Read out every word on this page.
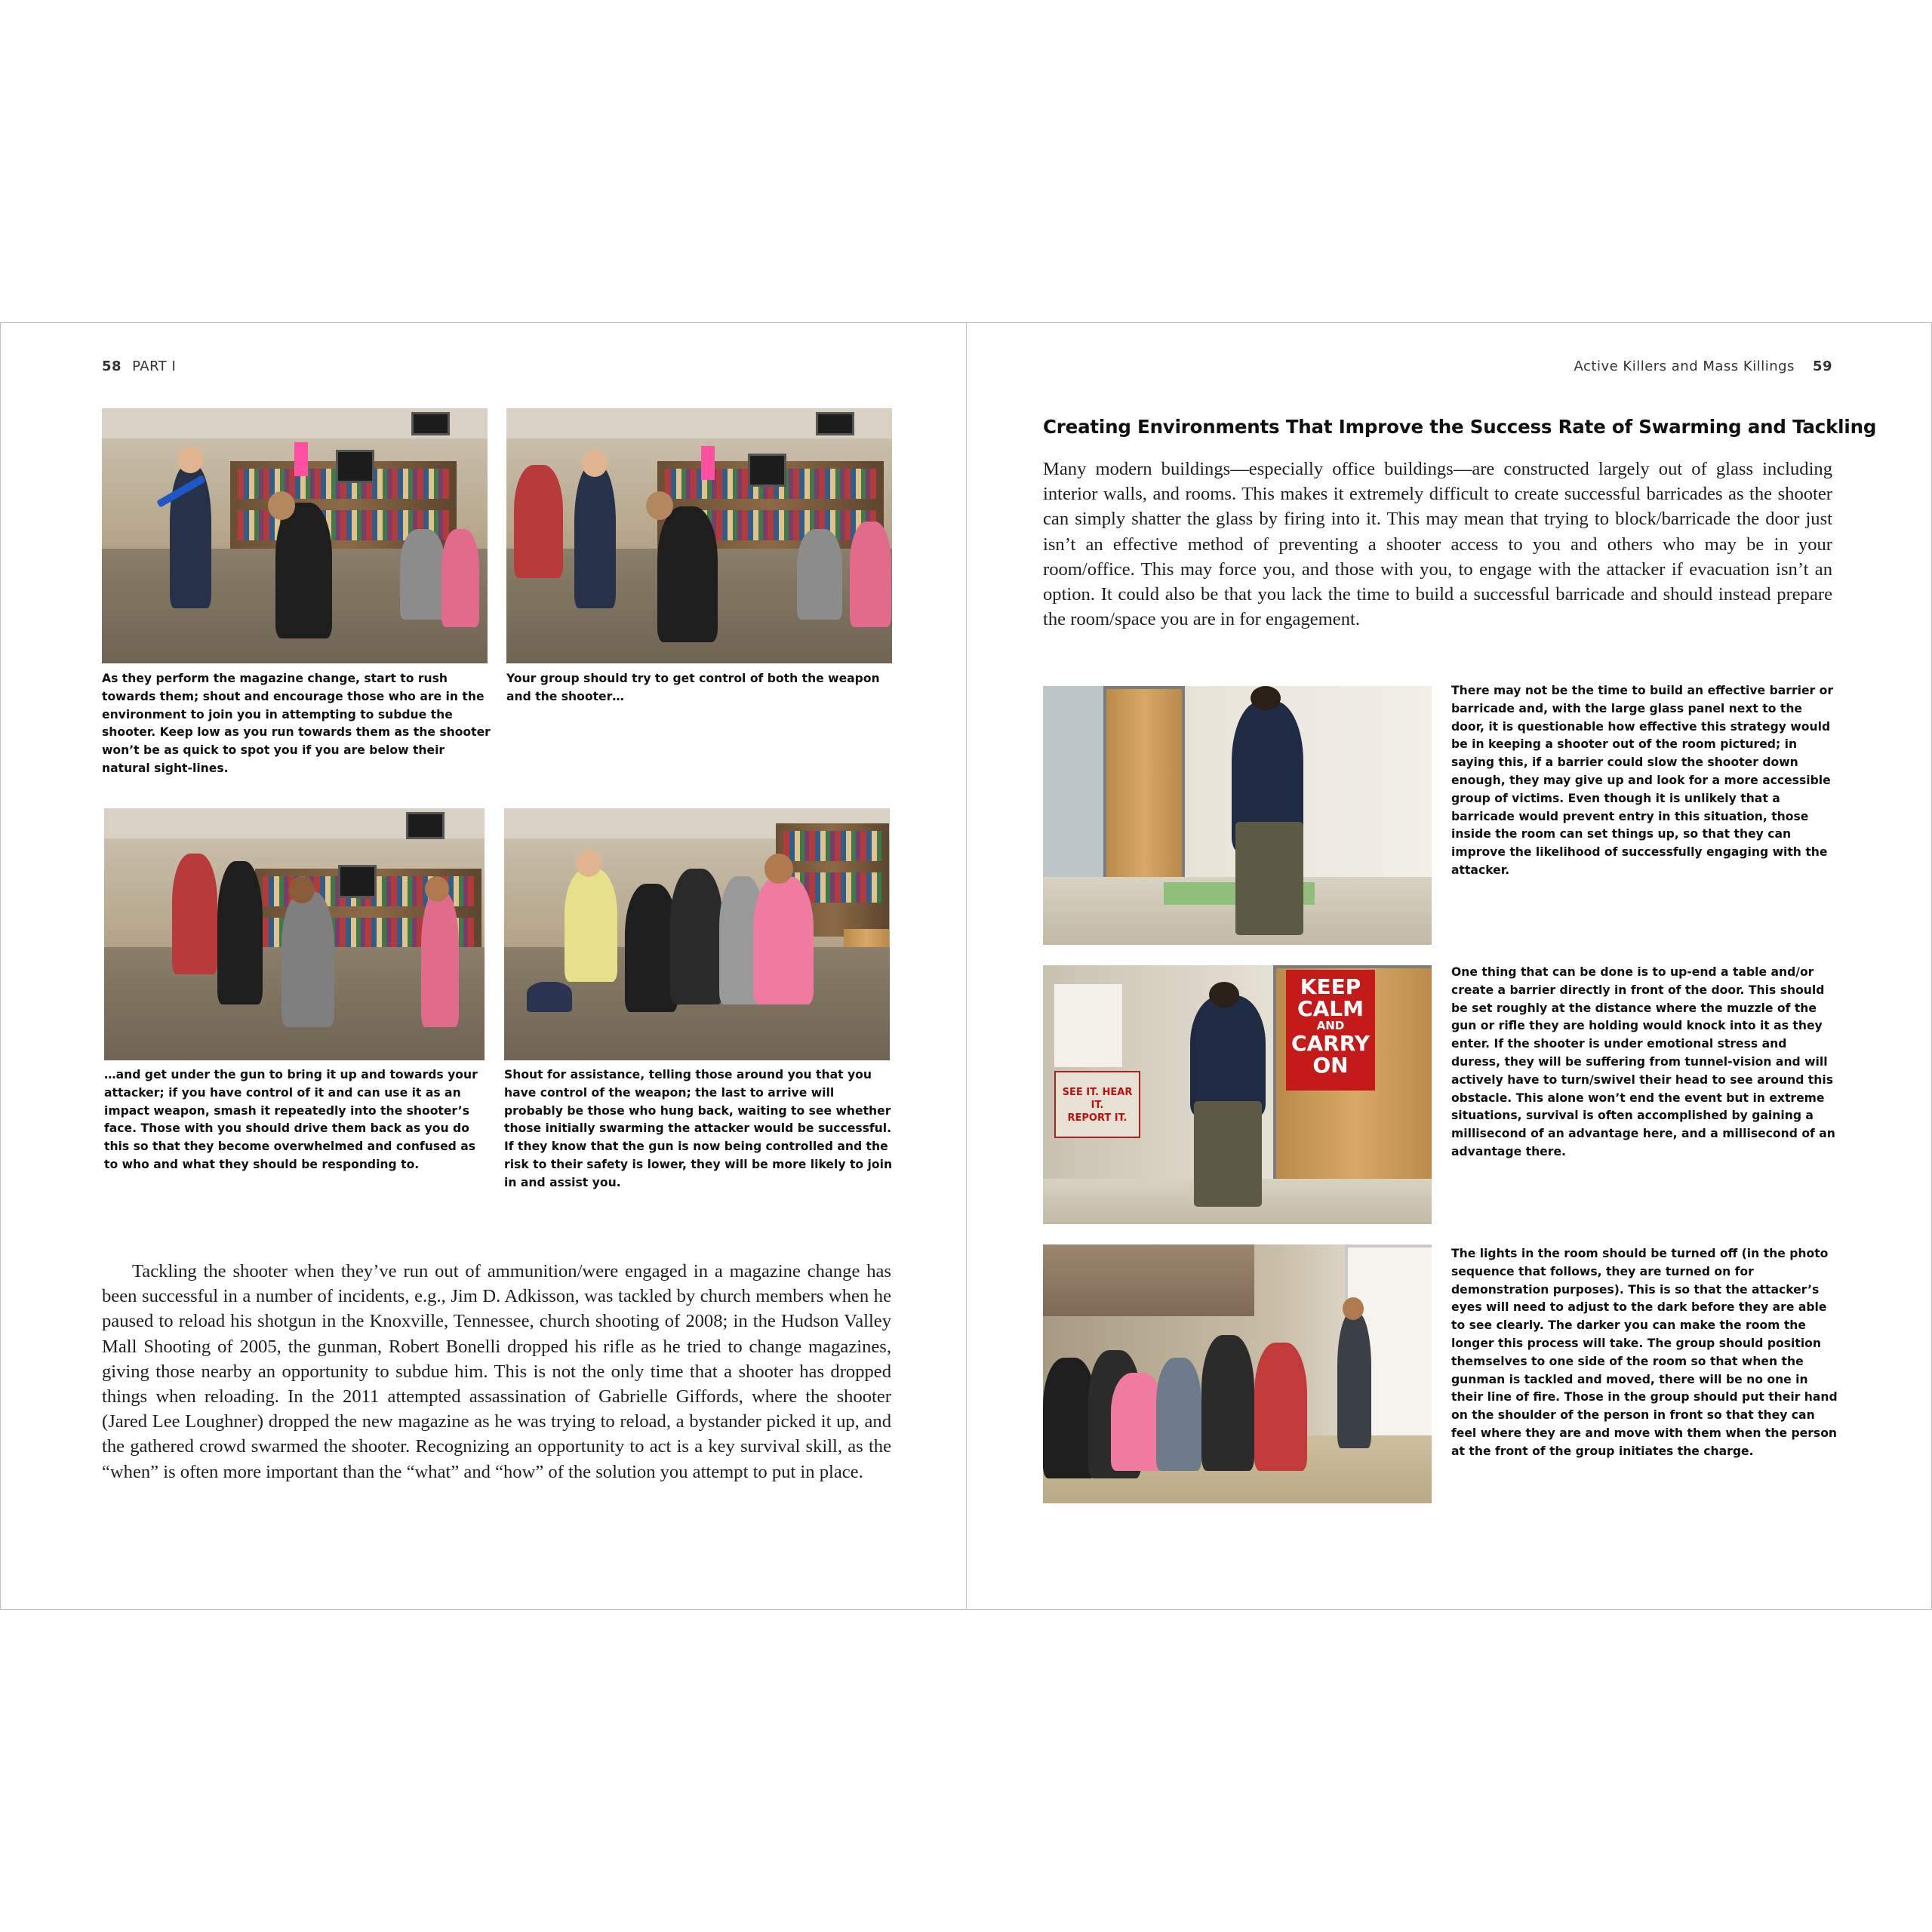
58 PART I
As they perform the magazine change, start to rush towards them; shout and encourage those who are in the environment to join you in attempting to subdue the shooter. Keep low as you run towards them as the shooter won’t be as quick to spot you if you are below their natural sight-lines.
Your group should try to get control of both the weapon and the shooter…
…and get under the gun to bring it up and towards your attacker; if you have control of it and can use it as an impact weapon, smash it repeatedly into the shooter’s face. Those with you should drive them back as you do this so that they become overwhelmed and confused as to who and what they should be responding to.
Shout for assistance, telling those around you that you have control of the weapon; the last to arrive will probably be those who hung back, waiting to see whether those initially swarming the attacker would be successful. If they know that the gun is now being controlled and the risk to their safety is lower, they will be more likely to join in and assist you.

Tackling the shooter when they’ve run out of ammunition/were engaged in a magazine change has been successful in a number of incidents, e.g., Jim D. Adkisson, was tackled by church members when he paused to reload his shotgun in the Knoxville, Tennessee, church shooting of 2008; in the Hudson Valley Mall Shooting of 2005, the gunman, Robert Bonelli dropped his rifle as he tried to change magazines, giving those nearby an opportunity to subdue him. This is not the only time that a shooter has dropped things when reloading. In the 2011 attempted assassination of Gabrielle Giffords, where the shooter (Jared Lee Loughner) dropped the new magazine as he was trying to reload, a bystander picked it up, and the gathered crowd swarmed the shooter. Recognizing an opportunity to act is a key survival skill, as the “when” is often more important than the “what” and “how” of the solution you attempt to put in place.

Active Killers and Mass Killings 59
Creating Environments That Improve the Success Rate of Swarming and Tackling

Many modern buildings—especially office buildings—are constructed largely out of glass including interior walls, and rooms. This makes it extremely difficult to create successful barricades as the shooter can simply shatter the glass by firing into it. This may mean that trying to block/barricade the door just isn’t an effective method of preventing a shooter access to you and others who may be in your room/office. This may force you, and those with you, to engage with the attacker if evacuation isn’t an option. It could also be that you lack the time to build a successful barricade and should instead prepare the room/space you are in for engagement.

There may not be the time to build an effective barrier or barricade and, with the large glass panel next to the door, it is questionable how effective this strategy would be in keeping a shooter out of the room pictured; in saying this, if a barrier could slow the shooter down enough, they may give up and look for a more accessible group of victims. Even though it is unlikely that a barricade would prevent entry in this situation, those inside the room can set things up, so that they can improve the likelihood of successfully engaging with the attacker.
SEE IT. HEAR IT.
REPORT IT.
KEEP
CALM
AND
CARRY
ON
One thing that can be done is to up-end a table and/or create a barrier directly in front of the door. This should be set roughly at the distance where the muzzle of the gun or rifle they are holding would knock into it as they enter. If the shooter is under emotional stress and duress, they will be suffering from tunnel-vision and will actively have to turn/swivel their head to see around this obstacle. This alone won’t end the event but in extreme situations, survival is often accomplished by gaining a millisecond of an advantage here, and a millisecond of an advantage there.
The lights in the room should be turned off (in the photo sequence that follows, they are turned on for demonstration purposes). This is so that the attacker’s eyes will need to adjust to the dark before they are able to see clearly. The darker you can make the room the longer this process will take. The group should position themselves to one side of the room so that when the gunman is tackled and moved, there will be no one in their line of fire. Those in the group should put their hand on the shoulder of the person in front so that they can feel where they are and move with them when the person at the front of the group initiates the charge.
